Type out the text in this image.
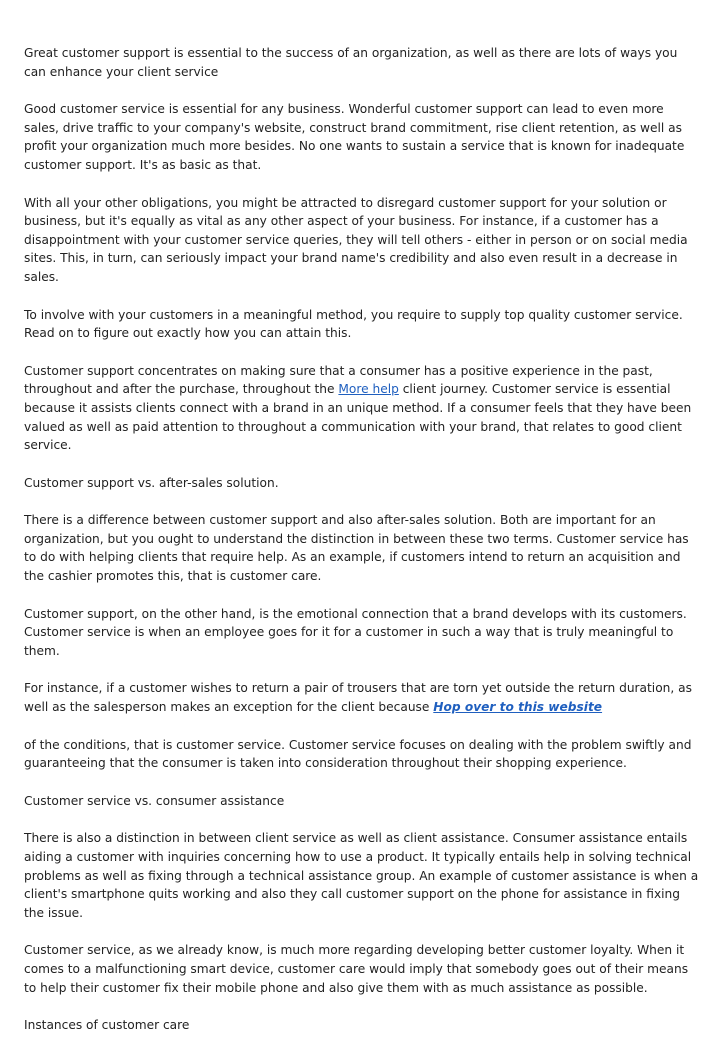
Great customer support is essential to the success of an organization, as well as there are lots of ways you can enhance your client service

Good customer service is essential for any business. Wonderful customer support can lead to even more sales, drive traffic to your company's website, construct brand commitment, rise client retention, as well as profit your organization much more besides. No one wants to sustain a service that is known for inadequate customer support. It's as basic as that.

With all your other obligations, you might be attracted to disregard customer support for your solution or business, but it's equally as vital as any other aspect of your business. For instance, if a customer has a disappointment with your customer service queries, they will tell others - either in person or on social media sites. This, in turn, can seriously impact your brand name's credibility and also even result in a decrease in sales.

To involve with your customers in a meaningful method, you require to supply top quality customer service. Read on to figure out exactly how you can attain this.

Customer support concentrates on making sure that a consumer has a positive experience in the past, throughout and after the purchase, throughout the More help client journey. Customer service is essential because it assists clients connect with a brand in an unique method. If a consumer feels that they have been valued as well as paid attention to throughout a communication with your brand, that relates to good client service.

Customer support vs. after-sales solution.

There is a difference between customer support and also after-sales solution. Both are important for an organization, but you ought to understand the distinction in between these two terms. Customer service has to do with helping clients that require help. As an example, if customers intend to return an acquisition and the cashier promotes this, that is customer care.

Customer support, on the other hand, is the emotional connection that a brand develops with its customers. Customer service is when an employee goes for it for a customer in such a way that is truly meaningful to them.

For instance, if a customer wishes to return a pair of trousers that are torn yet outside the return duration, as well as the salesperson makes an exception for the client because Hop over to this website

of the conditions, that is customer service. Customer service focuses on dealing with the problem swiftly and guaranteeing that the consumer is taken into consideration throughout their shopping experience.

Customer service vs. consumer assistance

There is also a distinction in between client service as well as client assistance. Consumer assistance entails aiding a customer with inquiries concerning how to use a product. It typically entails help in solving technical problems as well as fixing through a technical assistance group. An example of customer assistance is when a client's smartphone quits working and also they call customer support on the phone for assistance in fixing the issue.

Customer service, as we already know, is much more regarding developing better customer loyalty. When it comes to a malfunctioning smart device, customer care would imply that somebody goes out of their means to help their customer fix their mobile phone and also give them with as much assistance as possible.

Instances of customer care
